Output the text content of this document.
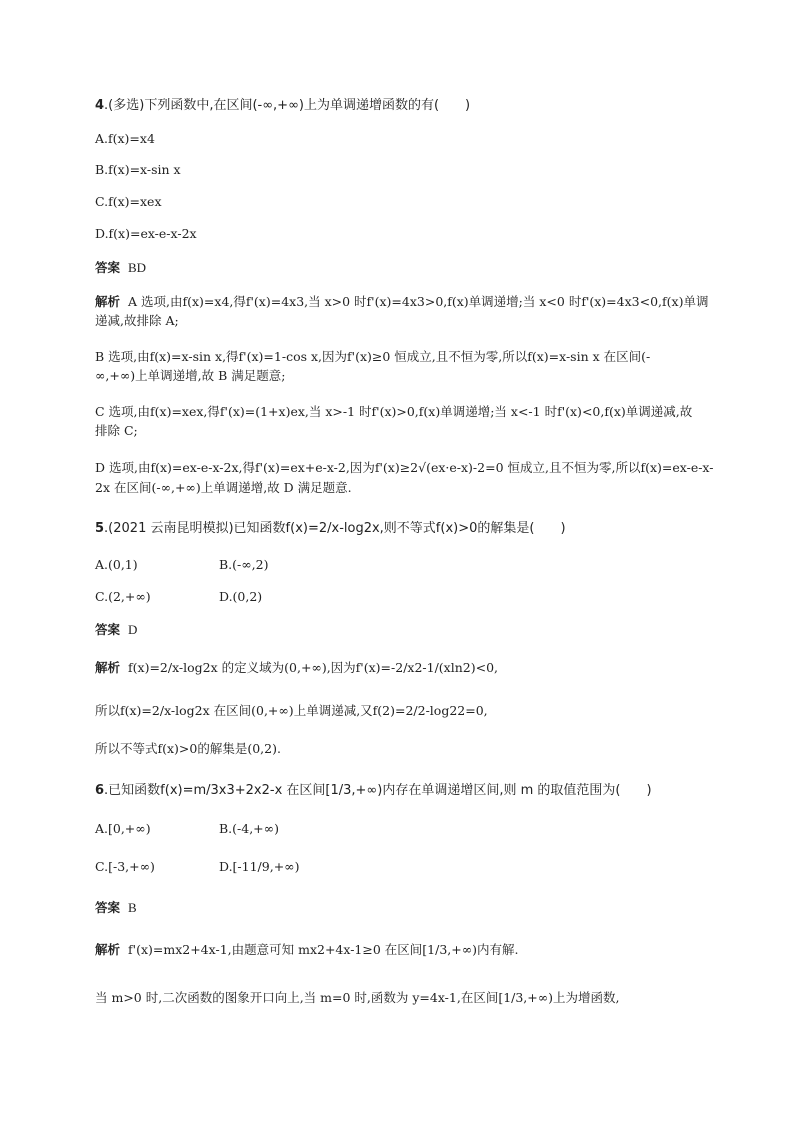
4.(多选)下列函数中,在区间(-∞,+∞)上为单调递增函数的有(　　)
A.f(x)=x4
B.f(x)=x-sin x
C.f(x)=xex
D.f(x)=ex-e-x-2x
答案 BD
解析 A 选项,由f(x)=x4,得f'(x)=4x3,当 x>0 时f'(x)=4x3>0,f(x)单调递增;当 x<0 时f'(x)=4x3<0,f(x)单调
递减,故排除 A;
B 选项,由f(x)=x-sin x,得f'(x)=1-cos x,因为f'(x)≥0 恒成立,且不恒为零,所以f(x)=x-sin x 在区间(-
∞,+∞)上单调递增,故 B 满足题意;
C 选项,由f(x)=xex,得f'(x)=(1+x)ex,当 x>-1 时f'(x)>0,f(x)单调递增;当 x<-1 时f'(x)<0,f(x)单调递减,故
排除 C;
D 选项,由f(x)=ex-e-x-2x,得f'(x)=ex+e-x-2,因为f'(x)≥2√(ex·e-x)-2=0 恒成立,且不恒为零,所以f(x)=ex-e-x-
2x 在区间(-∞,+∞)上单调递增,故 D 满足题意.
5.(2021 云南昆明模拟)已知函数f(x)=2/x-log2x,则不等式f(x)>0的解集是(　　)
A.(0,1)	B.(-∞,2)
C.(2,+∞)	D.(0,2)
答案 D
解析 f(x)=2/x-log2x 的定义域为(0,+∞),因为f'(x)=-2/x2-1/(xln2)<0,
所以f(x)=2/x-log2x 在区间(0,+∞)上单调递减,又f(2)=2/2-log22=0,
所以不等式f(x)>0的解集是(0,2).
6.已知函数f(x)=m/3x3+2x2-x 在区间[1/3,+∞)内存在单调递增区间,则 m 的取值范围为(　　)
A.[0,+∞)	B.(-4,+∞)
C.[-3,+∞)	D.[-11/9,+∞)
答案 B
解析 f'(x)=mx2+4x-1,由题意可知 mx2+4x-1≥0 在区间[1/3,+∞)内有解.
当 m>0 时,二次函数的图象开口向上,当 m=0 时,函数为 y=4x-1,在区间[1/3,+∞)上为增函数,
